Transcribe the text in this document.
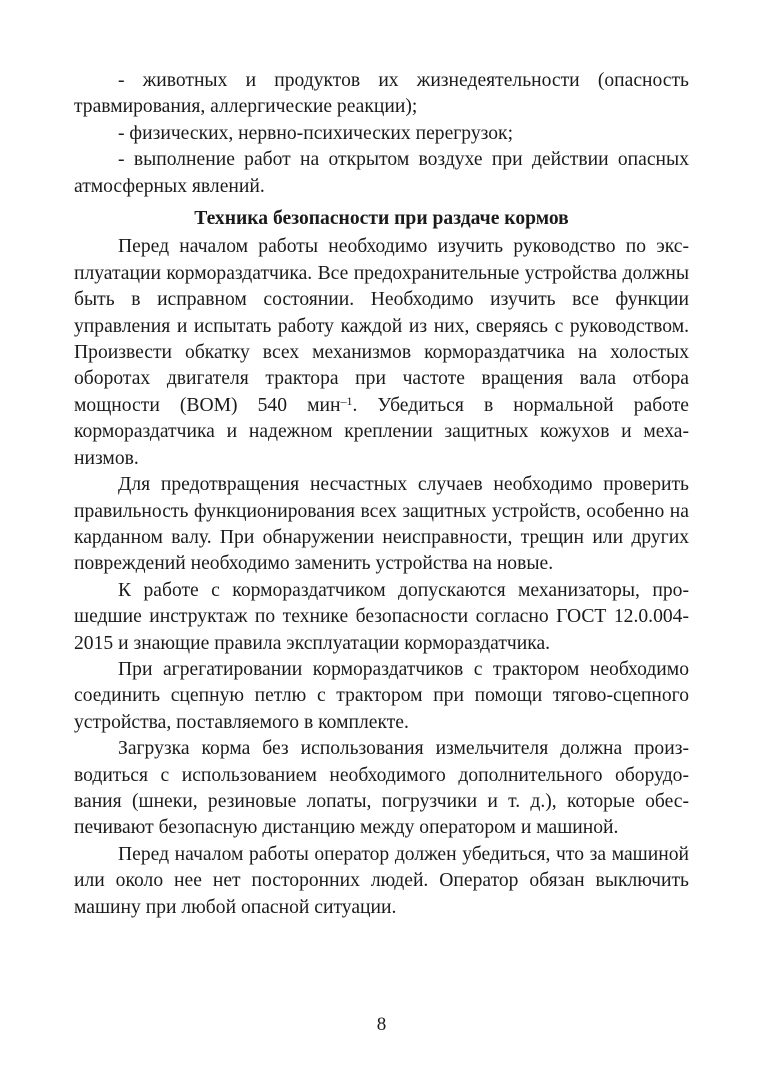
- животных и продуктов их жизнедеятельности (опасность травмирования, аллергические реакции);

- физических, нервно-психических перегрузок;

- выполнение работ на открытом воздухе при действии опасных атмосферных явлений.

Техника безопасности при раздаче кормов

Перед началом работы необходимо изучить руководство по эксплуатации кормораздатчика. Все предохранительные устройства должны быть в исправном состоянии. Необходимо изучить все функции управления и испытать работу каждой из них, сверяясь с руководством. Произвести обкатку всех механизмов кормораздатчика на холостых оборотах двигателя трактора при частоте вращения вала отбора мощности (ВОМ) 540 мин$^{-1}$. Убедиться в нормальной работе кормораздатчика и надежном креплении защитных кожухов и механизмов.

Для предотвращения несчастных случаев необходимо проверить правильность функционирования всех защитных устройств, особенно на карданном валу. При обнаружении неисправности, трещин или других повреждений необходимо заменить устройства на новые.

К работе с кормораздатчиком допускаются механизаторы, прошедшие инструктаж по технике безопасности согласно ГОСТ 12.0.004-2015 и знающие правила эксплуатации кормораздатчика.

При агрегатировании кормораздатчиков с трактором необходимо соединить сцепную петлю с трактором при помощи тягово-сцепного устройства, поставляемого в комплекте.

Загрузка корма без использования измельчителя должна производиться с использованием необходимого дополнительного оборудования (шнеки, резиновые лопаты, погрузчики и т. д.), которые обеспечивают безопасную дистанцию между оператором и машиной.

Перед началом работы оператор должен убедиться, что за машиной или около нее нет посторонних людей. Оператор обязан выключить машину при любой опасной ситуации.

8
